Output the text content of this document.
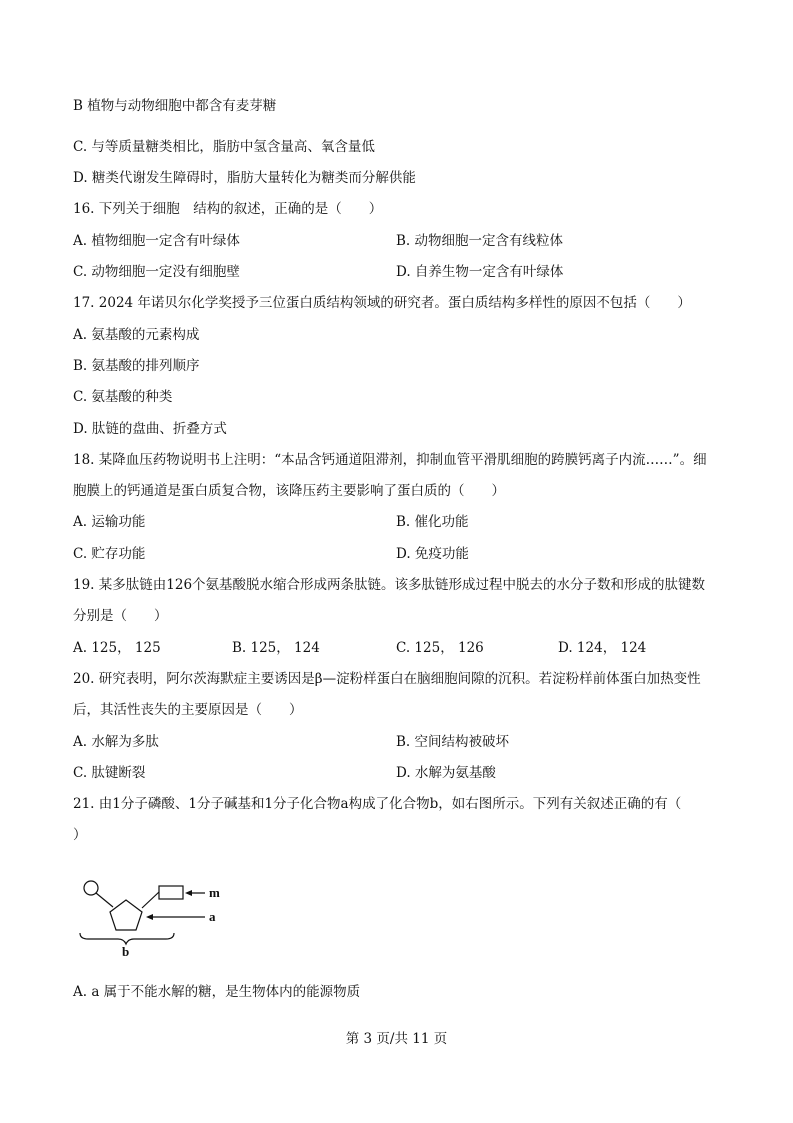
B 植物与动物细胞中都含有麦芽糖
C. 与等质量糖类相比，脂肪中氢含量高、氧含量低
D. 糖类代谢发生障碍时，脂肪大量转化为糖类而分解供能
16. 下列关于细胞　结构的叙述，正确的是（　　）
A. 植物细胞一定含有叶绿体	B. 动物细胞一定含有线粒体
C. 动物细胞一定没有细胞壁	D. 自养生物一定含有叶绿体
17. 2024 年诺贝尔化学奖授予三位蛋白质结构领域的研究者。蛋白质结构多样性的原因不包括（　　）
A. 氨基酸的元素构成
B. 氨基酸的排列顺序
C. 氨基酸的种类
D. 肽链的盘曲、折叠方式
18. 某降血压药物说明书上注明：“本品含钙通道阻滞剂，抑制血管平滑肌细胞的跨膜钙离子内流……”。细
胞膜上的钙通道是蛋白质复合物，该降压药主要影响了蛋白质的（　　）
A. 运输功能	B. 催化功能
C. 贮存功能	D. 免疫功能
19. 某多肽链由126个氨基酸脱水缩合形成两条肽链。该多肽链形成过程中脱去的水分子数和形成的肽键数
分别是（　　）
A. 125， 125	B. 125， 124	C. 125， 126	D. 124， 124
20. 研究表明，阿尔茨海默症主要诱因是β—淀粉样蛋白在脑细胞间隙的沉积。若淀粉样前体蛋白加热变性
后，其活性丧失的主要原因是（　　）
A. 水解为多肽	B. 空间结构被破坏
C. 肽键断裂	D. 水解为氨基酸
21. 由1分子磷酸、1分子碱基和1分子化合物a构成了化合物b，如右图所示。下列有关叙述正确的有（
）
m
a
b
A. a 属于不能水解的糖，是生物体内的能源物质
第 3 页/共 11 页
